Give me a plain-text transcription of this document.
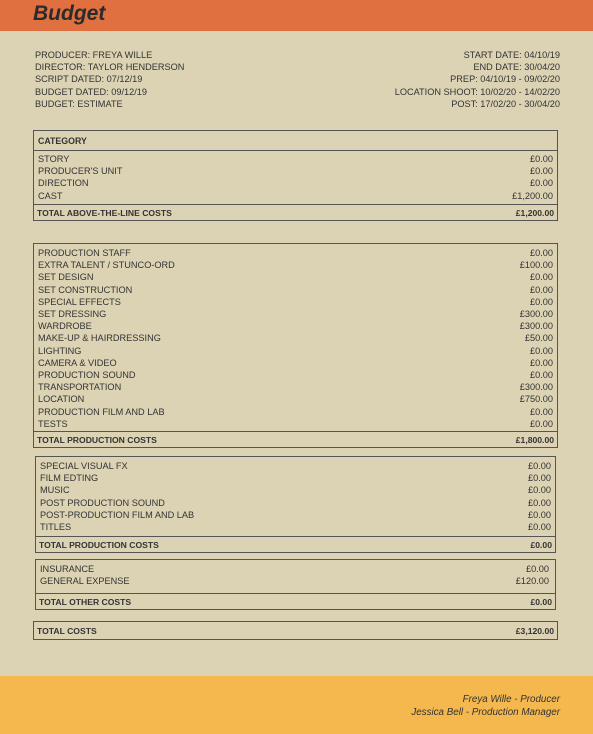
Budget
PRODUCER: FREYA WILLE
DIRECTOR: TAYLOR HENDERSON
SCRIPT DATED: 07/12/19
BUDGET DATED: 09/12/19
BUDGET: ESTIMATE
START DATE: 04/10/19
END DATE: 30/04/20
PREP: 04/10/19 - 09/02/20
LOCATION SHOOT: 10/02/20 - 14/02/20
POST: 17/02/20 - 30/04/20
CATEGORY
STORY	£0.00
PRODUCER'S UNIT	£0.00
DIRECTION	£0.00
CAST	£1,200.00
TOTAL ABOVE-THE-LINE COSTS	£1,200.00
PRODUCTION STAFF	£0.00
EXTRA TALENT / STUNCO-ORD	£100.00
SET DESIGN	£0.00
SET CONSTRUCTION	£0.00
SPECIAL EFFECTS	£0.00
SET DRESSING	£300.00
WARDROBE	£300.00
MAKE-UP & HAIRDRESSING	£50.00
LIGHTING	£0.00
CAMERA & VIDEO	£0.00
PRODUCTION SOUND	£0.00
TRANSPORTATION	£300.00
LOCATION	£750.00
PRODUCTION FILM AND LAB	£0.00
TESTS	£0.00
TOTAL PRODUCTION COSTS	£1,800.00
SPECIAL VISUAL FX	£0.00
FILM EDTING	£0.00
MUSIC	£0.00
POST PRODUCTION SOUND	£0.00
POST-PRODUCTION FILM AND LAB	£0.00
TITLES	£0.00
TOTAL PRODUCTION COSTS	£0.00
INSURANCE	£0.00
GENERAL EXPENSE	£120.00
TOTAL OTHER COSTS	£0.00
TOTAL COSTS	£3,120.00
Freya Wille - Producer
Jessica Bell - Production Manager
